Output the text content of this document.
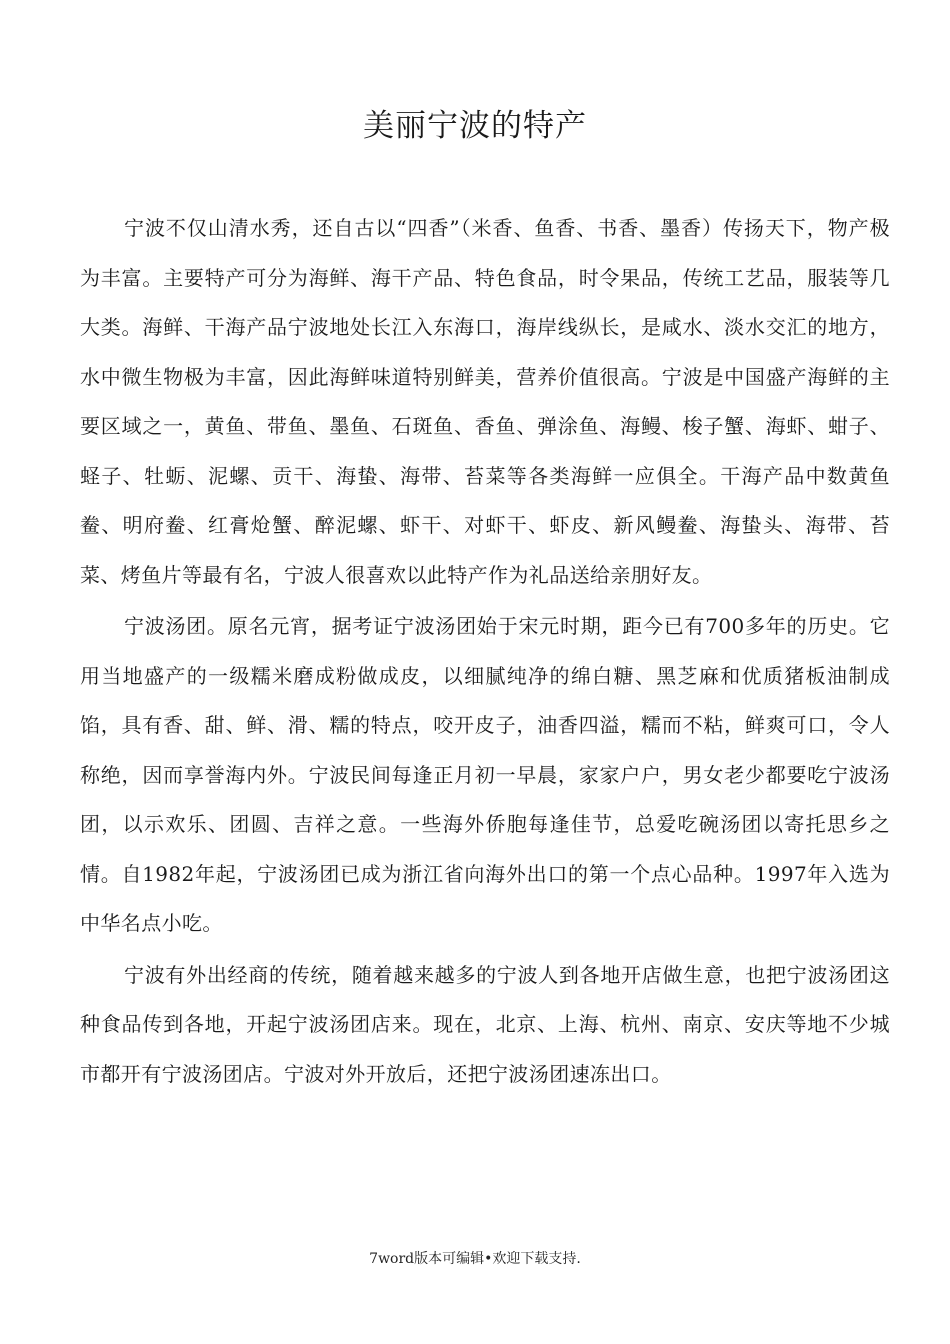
美丽宁波的特产

宁波不仅山清水秀，还自古以“四香”（米香、鱼香、书香、墨香）传扬天下，物产极为丰富。主要特产可分为海鲜、海干产品、特色食品，时令果品，传统工艺品，服装等几大类。海鲜、干海产品宁波地处长江入东海口，海岸线纵长，是咸水、淡水交汇的地方，水中微生物极为丰富，因此海鲜味道特别鲜美，营养价值很高。宁波是中国盛产海鲜的主要区域之一，黄鱼、带鱼、墨鱼、石斑鱼、香鱼、弹涂鱼、海鳗、梭子蟹、海虾、蚶子、蛏子、牡蛎、泥螺、贡干、海蛰、海带、苔菜等各类海鲜一应俱全。干海产品中数黄鱼鲞、明府鲞、红膏炝蟹、醉泥螺、虾干、对虾干、虾皮、新风鳗鲞、海蛰头、海带、苔菜、烤鱼片等最有名，宁波人很喜欢以此特产作为礼品送给亲朋好友。

宁波汤团。原名元宵，据考证宁波汤团始于宋元时期，距今已有700多年的历史。它用当地盛产的一级糯米磨成粉做成皮，以细腻纯净的绵白糖、黑芝麻和优质猪板油制成馅，具有香、甜、鲜、滑、糯的特点，咬开皮子，油香四溢，糯而不粘，鲜爽可口，令人称绝，因而享誉海内外。宁波民间每逢正月初一早晨，家家户户，男女老少都要吃宁波汤团，以示欢乐、团圆、吉祥之意。一些海外侨胞每逢佳节，总爱吃碗汤团以寄托思乡之情。自1982年起，宁波汤团已成为浙江省向海外出口的第一个点心品种。1997年入选为中华名点小吃。

宁波有外出经商的传统，随着越来越多的宁波人到各地开店做生意，也把宁波汤团这种食品传到各地，开起宁波汤团店来。现在，北京、上海、杭州、南京、安庆等地不少城市都开有宁波汤团店。宁波对外开放后，还把宁波汤团速冻出口。

7word版本可编辑•欢迎下载支持.
